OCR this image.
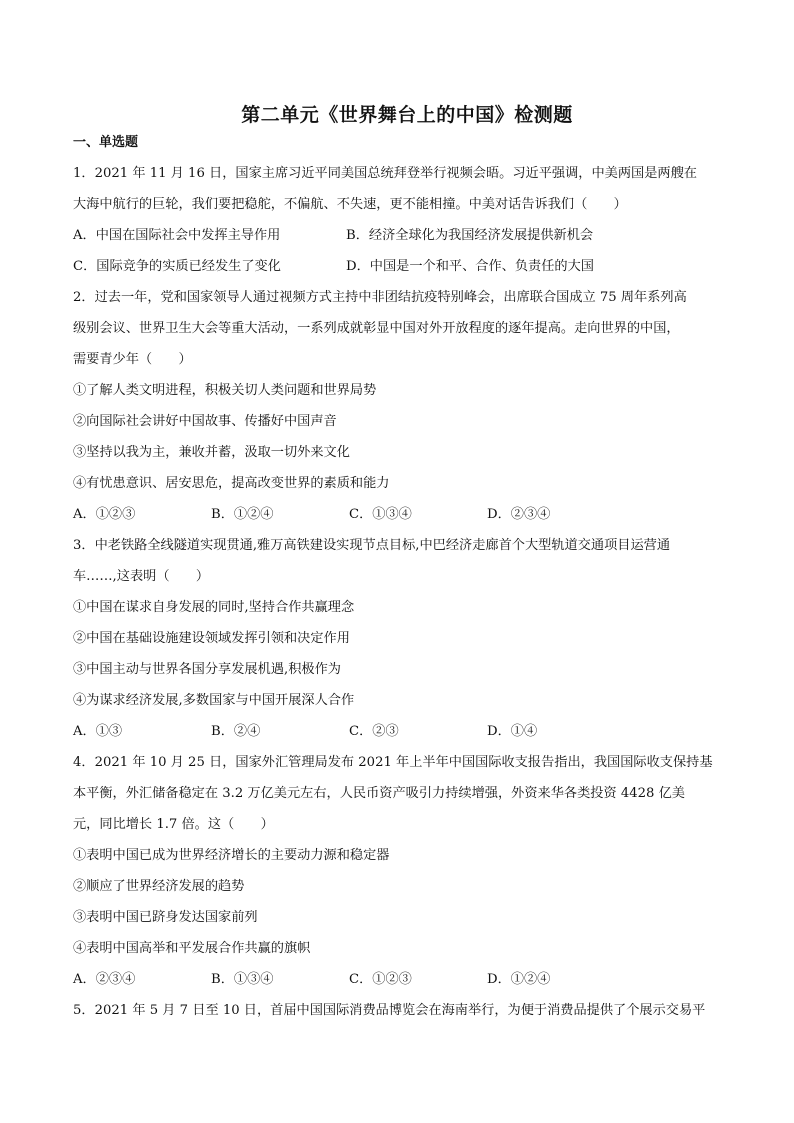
第二单元《世界舞台上的中国》检测题
一、单选题
1．2021 年 11 月 16 日，国家主席习近平同美国总统拜登举行视频会晤。习近平强调，中美两国是两艘在
大海中航行的巨轮，我们要把稳舵，不偏航、不失速，更不能相撞。中美对话告诉我们（　　）
A．中国在国际社会中发挥主导作用	B．经济全球化为我国经济发展提供新机会
C．国际竞争的实质已经发生了变化	D．中国是一个和平、合作、负责任的大国
2．过去一年，党和国家领导人通过视频方式主持中非团结抗疫特别峰会，出席联合国成立 75 周年系列高
级别会议、世界卫生大会等重大活动，一系列成就彰显中国对外开放程度的逐年提高。走向世界的中国，
需要青少年（　　）
①了解人类文明进程，积极关切人类问题和世界局势
②向国际社会讲好中国故事、传播好中国声音
③坚持以我为主，兼收并蓄，汲取一切外来文化
④有忧患意识、居安思危，提高改变世界的素质和能力
A．①②③	B．①②④	C．①③④	D．②③④
3．中老铁路全线隧道实现贯通,雅万高铁建设实现节点目标,中巴经济走廊首个大型轨道交通项目运营通
车……,这表明（　　）
①中国在谋求自身发展的同时,坚持合作共赢理念
②中国在基础设施建设领域发挥引领和决定作用
③中国主动与世界各国分享发展机遇,积极作为
④为谋求经济发展,多数国家与中国开展深人合作
A．①③	B．②④	C．②③	D．①④
4．2021 年 10 月 25 日，国家外汇管理局发布 2021 年上半年中国国际收支报告指出，我国国际收支保持基
本平衡，外汇储备稳定在 3.2 万亿美元左右，人民币资产吸引力持续增强，外资来华各类投资 4428 亿美
元，同比增长 1.7 倍。这（　　）
①表明中国已成为世界经济增长的主要动力源和稳定器
②顺应了世界经济发展的趋势
③表明中国已跻身发达国家前列
④表明中国高举和平发展合作共赢的旗帜
A．②③④	B．①③④	C．①②③	D．①②④
5．2021 年 5 月 7 日至 10 日，首届中国国际消费品博览会在海南举行，为便于消费品提供了个展示交易平
